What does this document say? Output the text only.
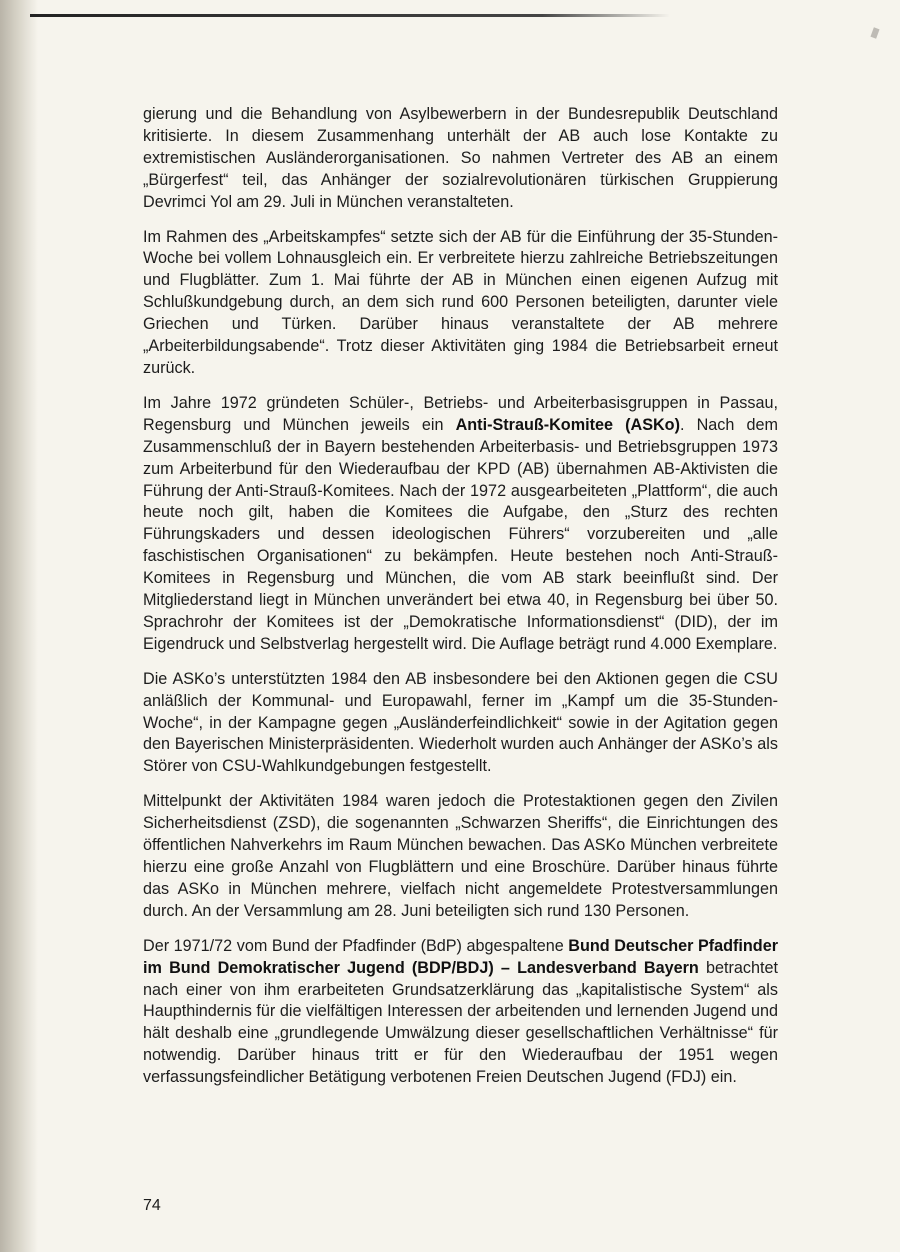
gierung und die Behandlung von Asylbewerbern in der Bundesrepublik Deutschland kritisierte. In diesem Zusammenhang unterhält der AB auch lose Kontakte zu extremistischen Ausländerorganisationen. So nahmen Vertreter des AB an einem „Bürgerfest“ teil, das Anhänger der sozialrevolutionären türkischen Gruppierung Devrimci Yol am 29. Juli in München veranstalteten.

Im Rahmen des „Arbeitskampfes“ setzte sich der AB für die Einführung der 35-Stunden-Woche bei vollem Lohnausgleich ein. Er verbreitete hierzu zahlreiche Betriebszeitungen und Flugblätter. Zum 1. Mai führte der AB in München einen eigenen Aufzug mit Schlußkundgebung durch, an dem sich rund 600 Personen beteiligten, darunter viele Griechen und Türken. Darüber hinaus veranstaltete der AB mehrere „Arbeiterbildungsabende“. Trotz dieser Aktivitäten ging 1984 die Betriebsarbeit erneut zurück.

Im Jahre 1972 gründeten Schüler-, Betriebs- und Arbeiterbasisgruppen in Passau, Regensburg und München jeweils ein Anti-Strauß-Komitee (ASKo). Nach dem Zusammenschluß der in Bayern bestehenden Arbeiterbasis- und Betriebsgruppen 1973 zum Arbeiterbund für den Wiederaufbau der KPD (AB) übernahmen AB-Aktivisten die Führung der Anti-Strauß-Komitees. Nach der 1972 ausgearbeiteten „Plattform“, die auch heute noch gilt, haben die Komitees die Aufgabe, den „Sturz des rechten Führungskaders und dessen ideologischen Führers“ vorzubereiten und „alle faschistischen Organisationen“ zu bekämpfen. Heute bestehen noch Anti-Strauß-Komitees in Regensburg und München, die vom AB stark beeinflußt sind. Der Mitgliederstand liegt in München unverändert bei etwa 40, in Regensburg bei über 50. Sprachrohr der Komitees ist der „Demokratische Informationsdienst“ (DID), der im Eigendruck und Selbstverlag hergestellt wird. Die Auflage beträgt rund 4.000 Exemplare.

Die ASKo’s unterstützten 1984 den AB insbesondere bei den Aktionen gegen die CSU anläßlich der Kommunal- und Europawahl, ferner im „Kampf um die 35-Stunden-Woche“, in der Kampagne gegen „Ausländerfeindlichkeit“ sowie in der Agitation gegen den Bayerischen Ministerpräsidenten. Wiederholt wurden auch Anhänger der ASKo’s als Störer von CSU-Wahlkundgebungen festgestellt.

Mittelpunkt der Aktivitäten 1984 waren jedoch die Protestaktionen gegen den Zivilen Sicherheitsdienst (ZSD), die sogenannten „Schwarzen Sheriffs“, die Einrichtungen des öffentlichen Nahverkehrs im Raum München bewachen. Das ASKo München verbreitete hierzu eine große Anzahl von Flugblättern und eine Broschüre. Darüber hinaus führte das ASKo in München mehrere, vielfach nicht angemeldete Protestversammlungen durch. An der Versammlung am 28. Juni beteiligten sich rund 130 Personen.

Der 1971/72 vom Bund der Pfadfinder (BdP) abgespaltene Bund Deutscher Pfadfinder im Bund Demokratischer Jugend (BDP/BDJ) – Landesverband Bayern betrachtet nach einer von ihm erarbeiteten Grundsatzerklärung das „kapitalistische System“ als Haupthindernis für die vielfältigen Interessen der arbeitenden und lernenden Jugend und hält deshalb eine „grundlegende Umwälzung dieser gesellschaftlichen Verhältnisse“ für notwendig. Darüber hinaus tritt er für den Wiederaufbau der 1951 wegen verfassungsfeindlicher Betätigung verbotenen Freien Deutschen Jugend (FDJ) ein.

74
